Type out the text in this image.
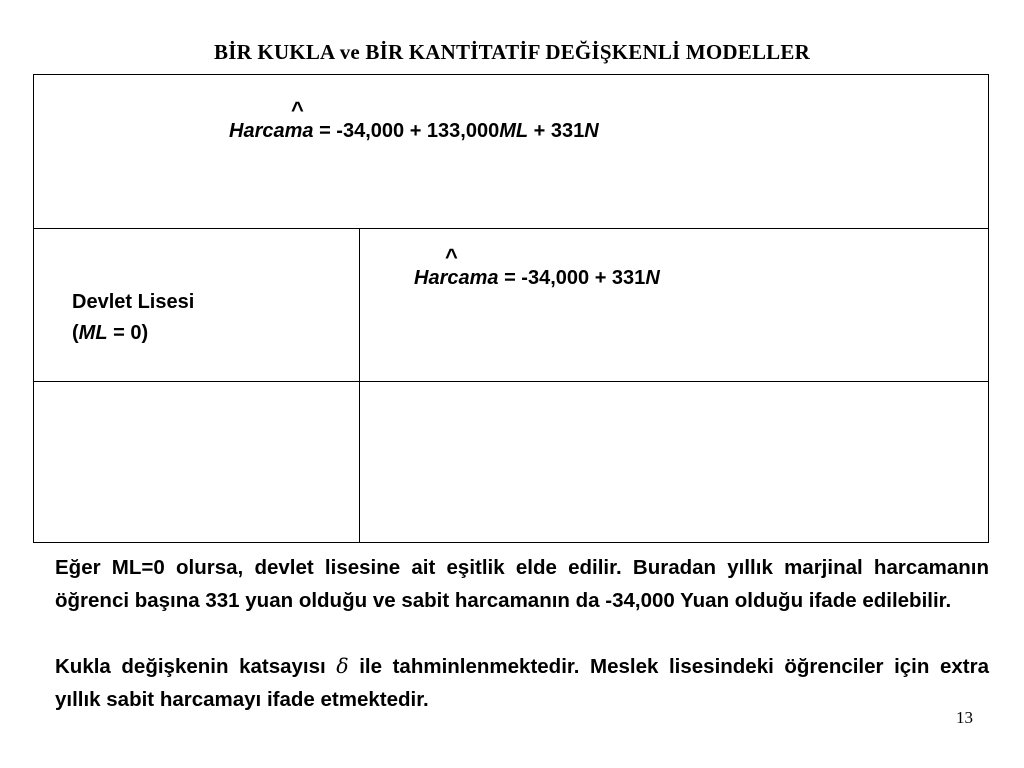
BİR KUKLA ve BİR KANTİTATİF DEĞİŞKENLİ MODELLER
^
Harcama = -34,000 + 133,000ML + 331N
Devlet Lisesi
(ML = 0)
^
Harcama = -34,000 + 331N
Eğer ML=0 olursa, devlet lisesine ait eşitlik elde edilir. Buradan yıllık marjinal harcamanın öğrenci başına 331 yuan olduğu ve sabit harcamanın da -34,000 Yuan olduğu ifade edilebilir.
Kukla değişkenin katsayısı δ ile tahminlenmektedir. Meslek lisesindeki öğrenciler için extra yıllık sabit harcamayı ifade etmektedir.
13
